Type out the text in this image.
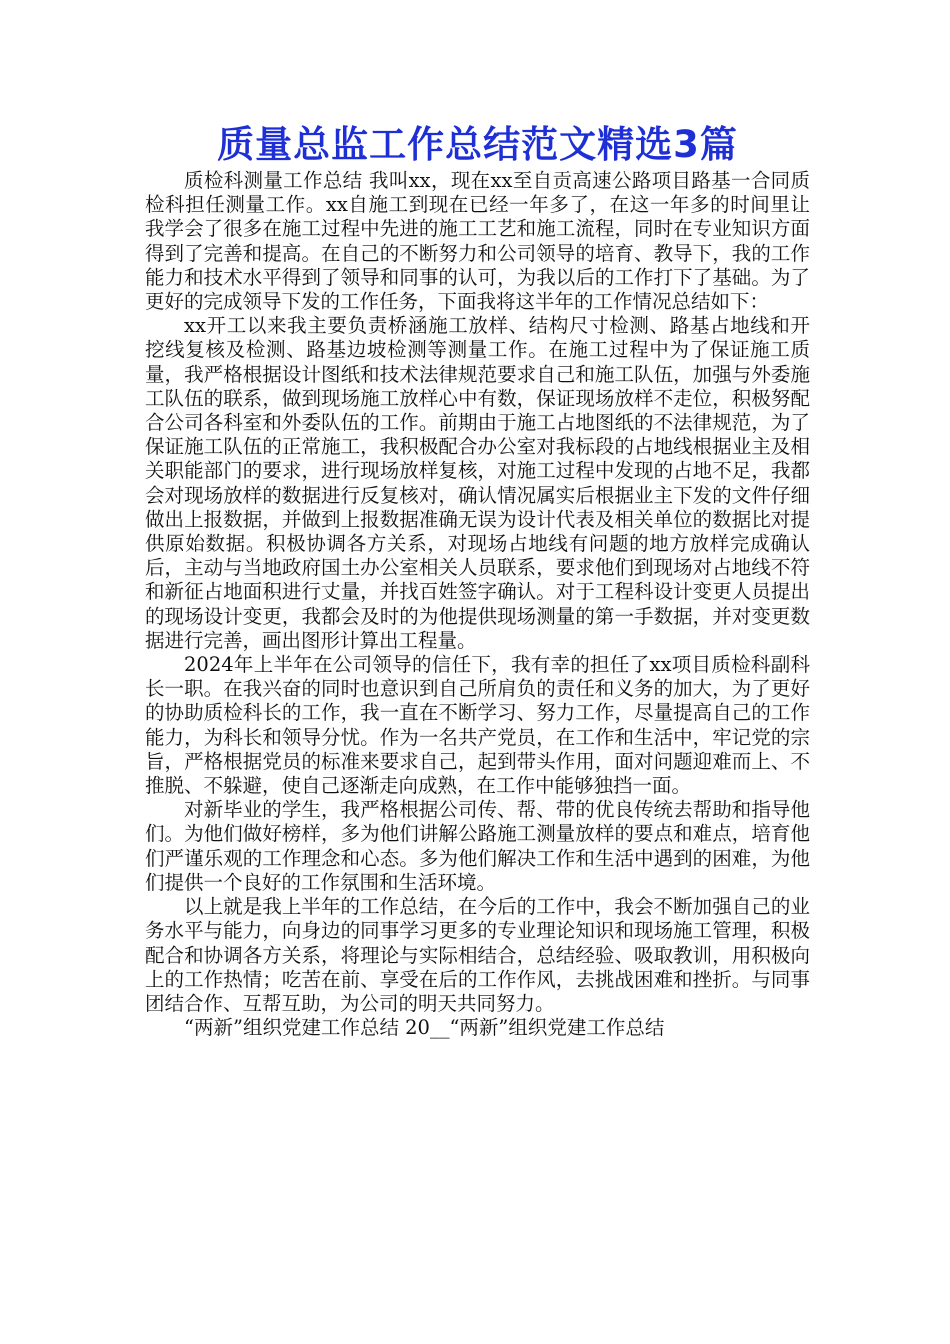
质量总监工作总结范文精选3篇

质检科测量工作总结 我叫xx，现在xx至自贡高速公路项目路基一合同质检科担任测量工作。xx自施工到现在已经一年多了，在这一年多的时间里让我学会了很多在施工过程中先进的施工工艺和施工流程，同时在专业知识方面得到了完善和提高。在自己的不断努力和公司领导的培育、教导下，我的工作能力和技术水平得到了领导和同事的认可，为我以后的工作打下了基础。为了更好的完成领导下发的工作任务，下面我将这半年的工作情况总结如下：

xx开工以来我主要负责桥涵施工放样、结构尺寸检测、路基占地线和开挖线复核及检测、路基边坡检测等测量工作。在施工过程中为了保证施工质量，我严格根据设计图纸和技术法律规范要求自己和施工队伍，加强与外委施工队伍的联系，做到现场施工放样心中有数，保证现场放样不走位，积极努配合公司各科室和外委队伍的工作。前期由于施工占地图纸的不法律规范，为了保证施工队伍的正常施工，我积极配合办公室对我标段的占地线根据业主及相关职能部门的要求，进行现场放样复核，对施工过程中发现的占地不足，我都会对现场放样的数据进行反复核对，确认情况属实后根据业主下发的文件仔细做出上报数据，并做到上报数据准确无误为设计代表及相关单位的数据比对提供原始数据。积极协调各方关系，对现场占地线有问题的地方放样完成确认后，主动与当地政府国土办公室相关人员联系，要求他们到现场对占地线不符和新征占地面积进行丈量，并找百姓签字确认。对于工程科设计变更人员提出的现场设计变更，我都会及时的为他提供现场测量的第一手数据，并对变更数据进行完善，画出图形计算出工程量。

2024年上半年在公司领导的信任下，我有幸的担任了xx项目质检科副科长一职。在我兴奋的同时也意识到自己所肩负的责任和义务的加大，为了更好的协助质检科长的工作，我一直在不断学习、努力工作，尽量提高自己的工作能力，为科长和领导分忧。作为一名共产党员，在工作和生活中，牢记党的宗旨，严格根据党员的标准来要求自己，起到带头作用，面对问题迎难而上、不推脱、不躲避，使自己逐渐走向成熟，在工作中能够独挡一面。

对新毕业的学生，我严格根据公司传、帮、带的优良传统去帮助和指导他们。为他们做好榜样，多为他们讲解公路施工测量放样的要点和难点，培育他们严谨乐观的工作理念和心态。多为他们解决工作和生活中遇到的困难，为他们提供一个良好的工作氛围和生活环境。

以上就是我上半年的工作总结，在今后的工作中，我会不断加强自己的业务水平与能力，向身边的同事学习更多的专业理论知识和现场施工管理，积极配合和协调各方关系，将理论与实际相结合，总结经验、吸取教训，用积极向上的工作热情；吃苦在前、享受在后的工作作风，去挑战困难和挫折。与同事团结合作、互帮互助，为公司的明天共同努力。

“两新”组织党建工作总结 20__“两新”组织党建工作总结
